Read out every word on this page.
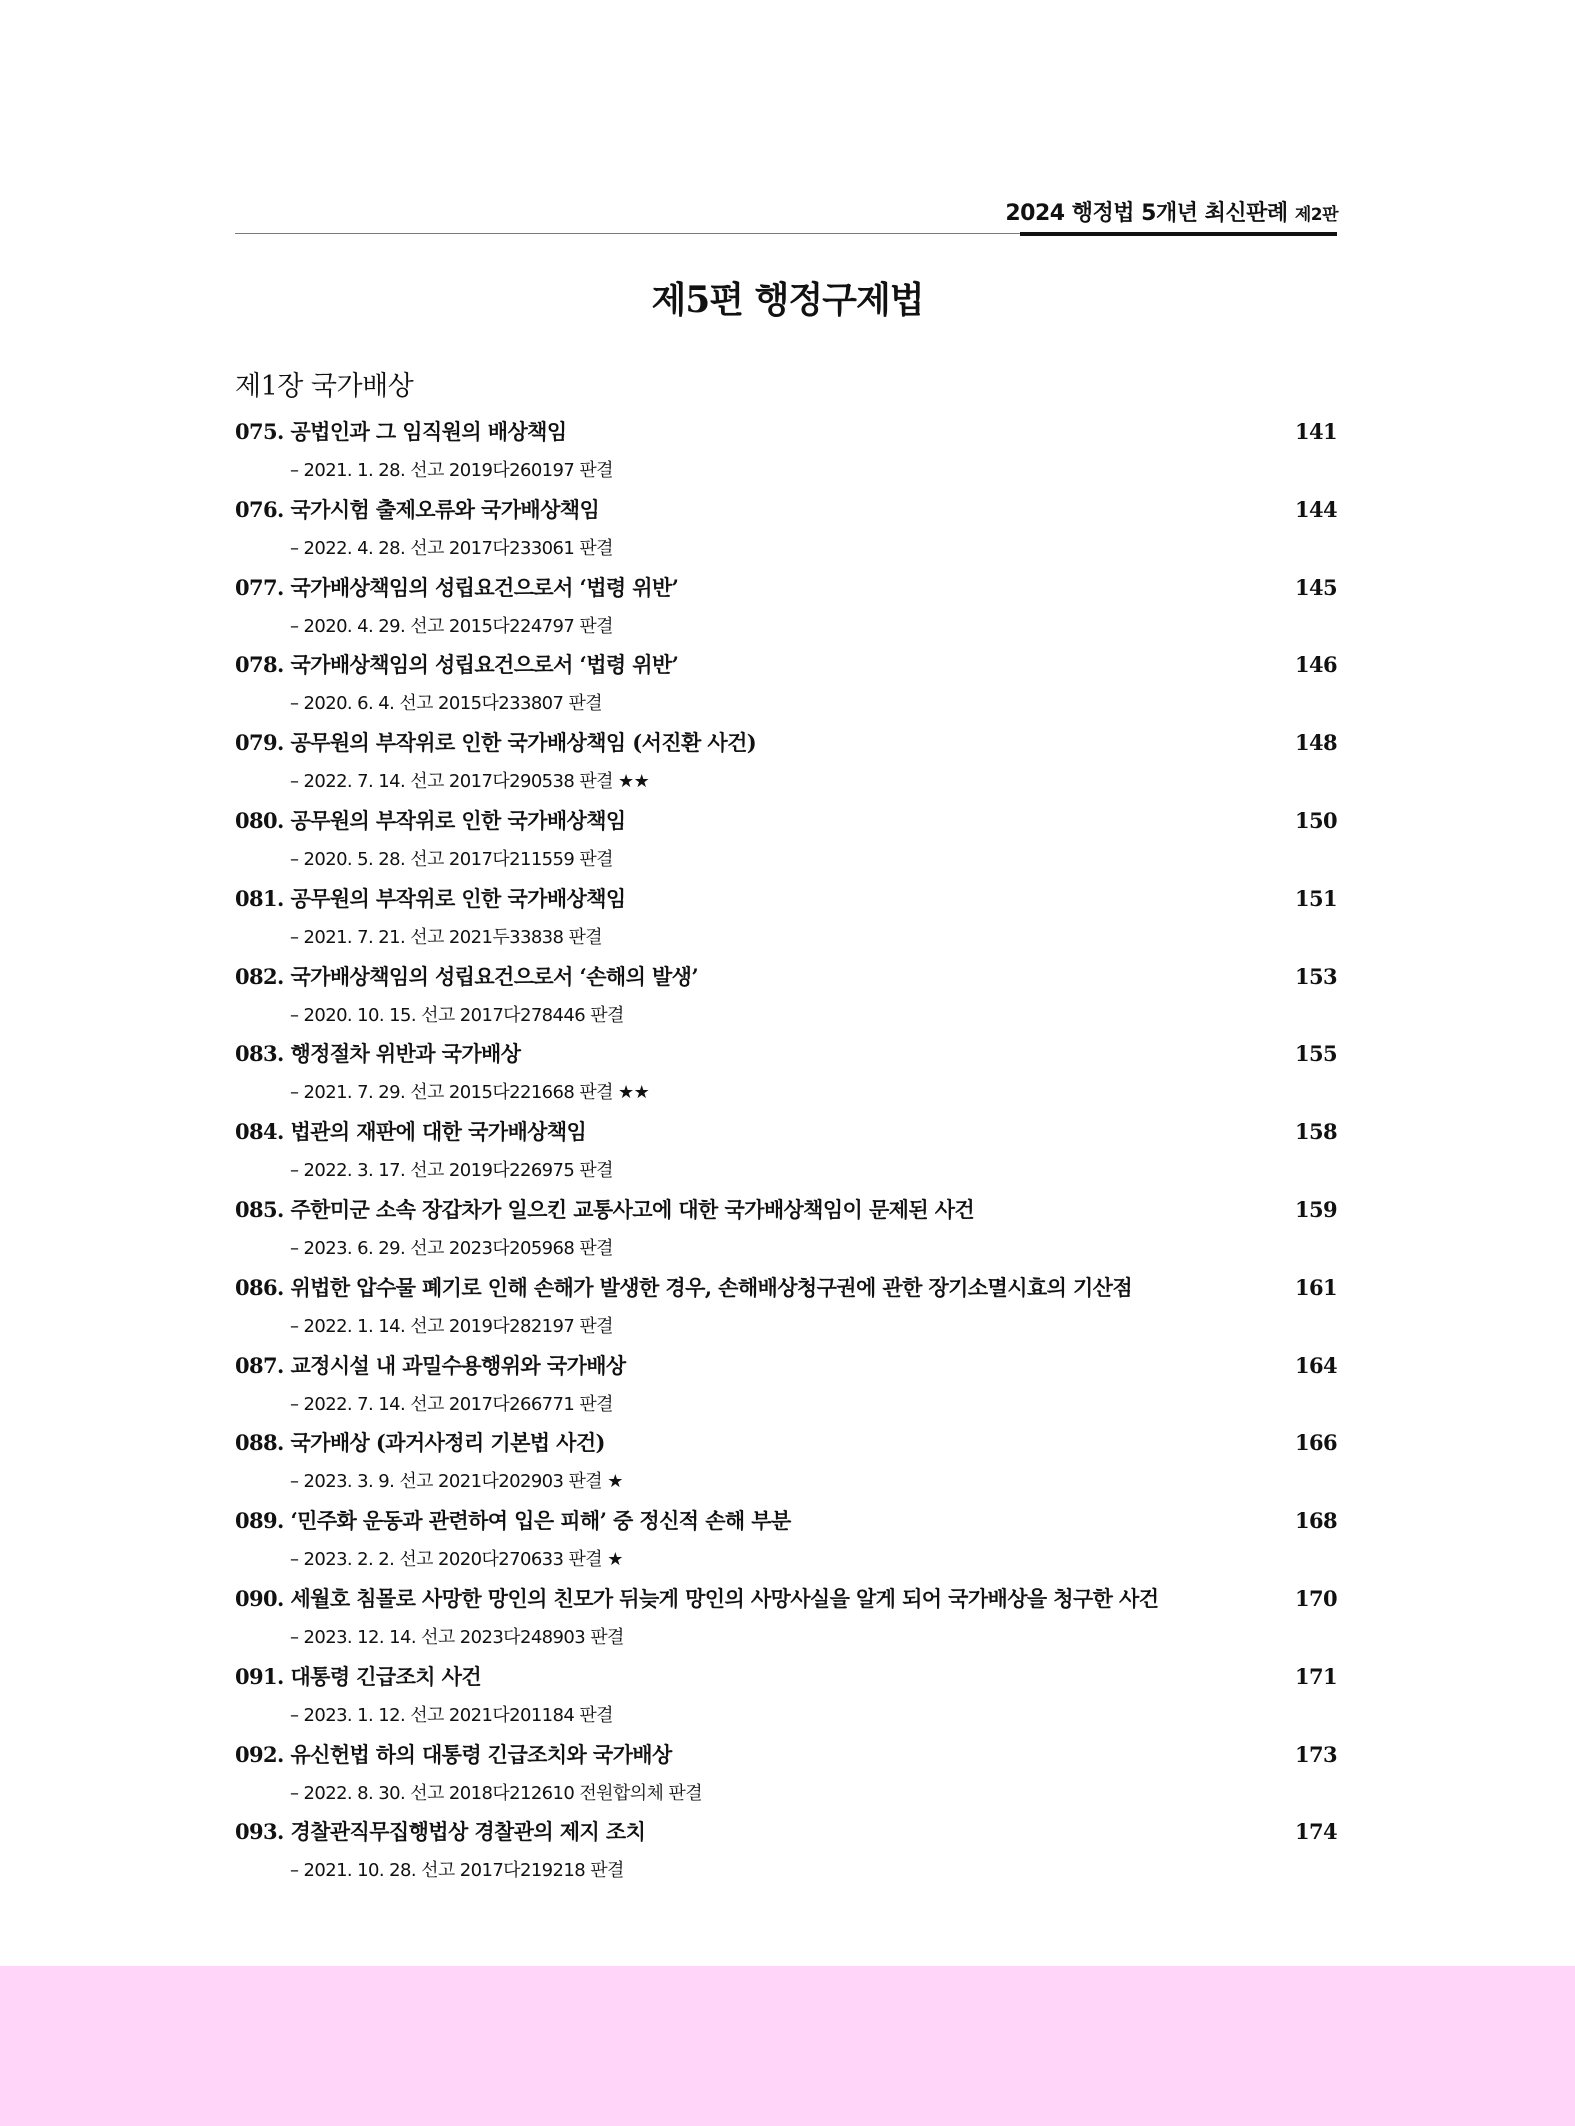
2024 행정법 5개년 최신판례 제2판
제5편 행정구제법
제1장 국가배상
075. 공법인과 그 임직원의 배상책임	141
– 2021. 1. 28. 선고 2019다260197 판결
076. 국가시험 출제오류와 국가배상책임	144
– 2022. 4. 28. 선고 2017다233061 판결
077. 국가배상책임의 성립요건으로서 ‘법령 위반’	145
– 2020. 4. 29. 선고 2015다224797 판결
078. 국가배상책임의 성립요건으로서 ‘법령 위반’	146
– 2020. 6. 4. 선고 2015다233807 판결
079. 공무원의 부작위로 인한 국가배상책임 (서진환 사건)	148
– 2022. 7. 14. 선고 2017다290538 판결 ★★
080. 공무원의 부작위로 인한 국가배상책임	150
– 2020. 5. 28. 선고 2017다211559 판결
081. 공무원의 부작위로 인한 국가배상책임	151
– 2021. 7. 21. 선고 2021두33838 판결
082. 국가배상책임의 성립요건으로서 ‘손해의 발생’	153
– 2020. 10. 15. 선고 2017다278446 판결
083. 행정절차 위반과 국가배상	155
– 2021. 7. 29. 선고 2015다221668 판결 ★★
084. 법관의 재판에 대한 국가배상책임	158
– 2022. 3. 17. 선고 2019다226975 판결
085. 주한미군 소속 장갑차가 일으킨 교통사고에 대한 국가배상책임이 문제된 사건	159
– 2023. 6. 29. 선고 2023다205968 판결
086. 위법한 압수물 폐기로 인해 손해가 발생한 경우, 손해배상청구권에 관한 장기소멸시효의 기산점	161
– 2022. 1. 14. 선고 2019다282197 판결
087. 교정시설 내 과밀수용행위와 국가배상	164
– 2022. 7. 14. 선고 2017다266771 판결
088. 국가배상 (과거사정리 기본법 사건)	166
– 2023. 3. 9. 선고 2021다202903 판결 ★
089. ‘민주화 운동과 관련하여 입은 피해’ 중 정신적 손해 부분	168
– 2023. 2. 2. 선고 2020다270633 판결 ★
090. 세월호 침몰로 사망한 망인의 친모가 뒤늦게 망인의 사망사실을 알게 되어 국가배상을 청구한 사건	170
– 2023. 12. 14. 선고 2023다248903 판결
091. 대통령 긴급조치 사건	171
– 2023. 1. 12. 선고 2021다201184 판결
092. 유신헌법 하의 대통령 긴급조치와 국가배상	173
– 2022. 8. 30. 선고 2018다212610 전원합의체 판결
093. 경찰관직무집행법상 경찰관의 제지 조치	174
– 2021. 10. 28. 선고 2017다219218 판결
